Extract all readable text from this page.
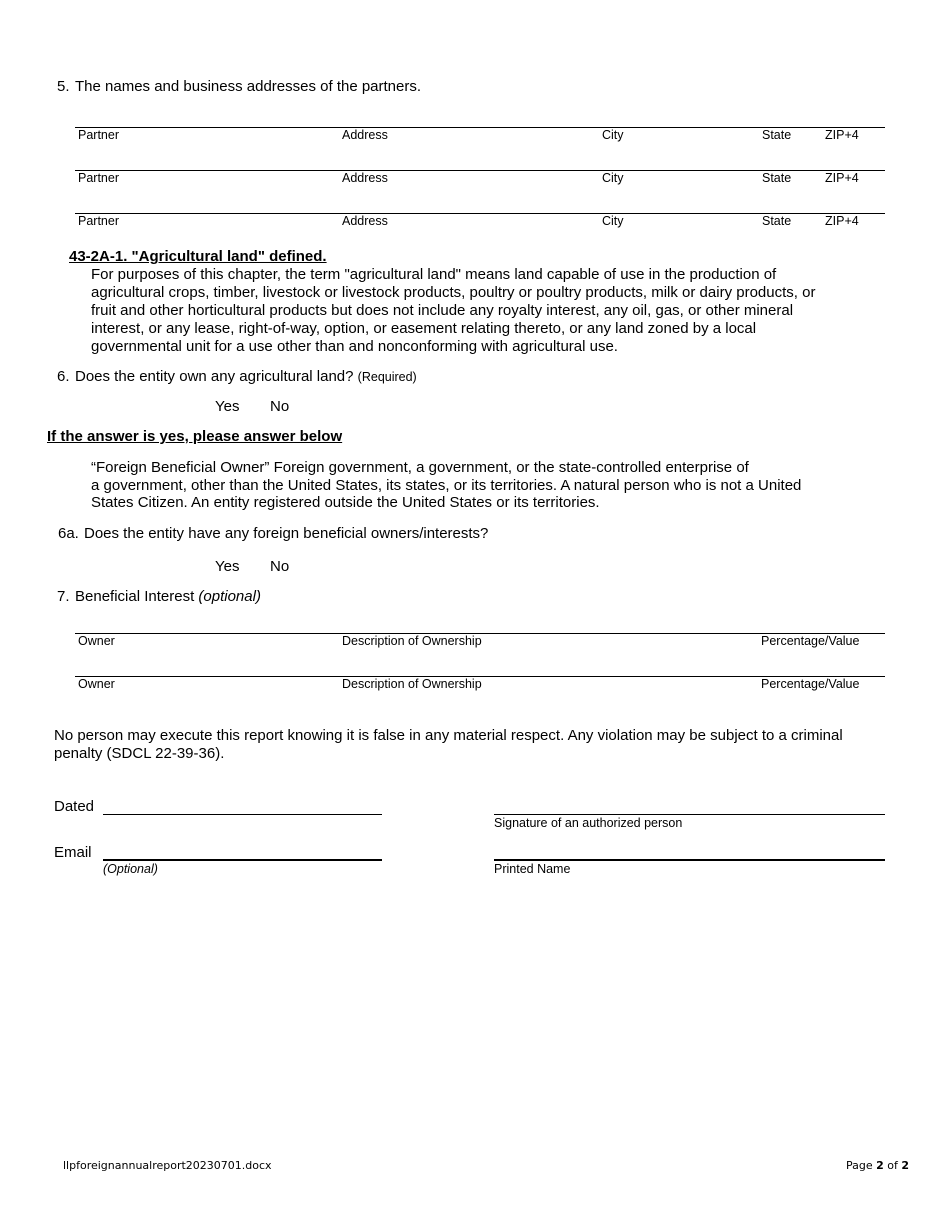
5. The names and business addresses of the partners.
Partner	Address	City	State	ZIP+4
Partner	Address	City	State	ZIP+4
Partner	Address	City	State	ZIP+4
43-2A-1. "Agricultural land" defined.
For purposes of this chapter, the term "agricultural land" means land capable of use in the production of
agricultural crops, timber, livestock or livestock products, poultry or poultry products, milk or dairy products, or
fruit and other horticultural products but does not include any royalty interest, any oil, gas, or other mineral
interest, or any lease, right-of-way, option, or easement relating thereto, or any land zoned by a local
governmental unit for a use other than and nonconforming with agricultural use.
6. Does the entity own any agricultural land? (Required)
Yes No
If the answer is yes, please answer below
“Foreign Beneficial Owner” Foreign government, a government, or the state-controlled enterprise of
a government, other than the United States, its states, or its territories. A natural person who is not a United
States Citizen. An entity registered outside the United States or its territories.
6a. Does the entity have any foreign beneficial owners/interests?
Yes No
7. Beneficial Interest (optional)
Owner	Description of Ownership	Percentage/Value
Owner	Description of Ownership	Percentage/Value
No person may execute this report knowing it is false in any material respect. Any violation may be subject to a criminal
penalty (SDCL 22-39-36).
Dated
Signature of an authorized person
Email
(Optional)	Printed Name
llpforeignannualreport20230701.docx	Page 2 of 2
